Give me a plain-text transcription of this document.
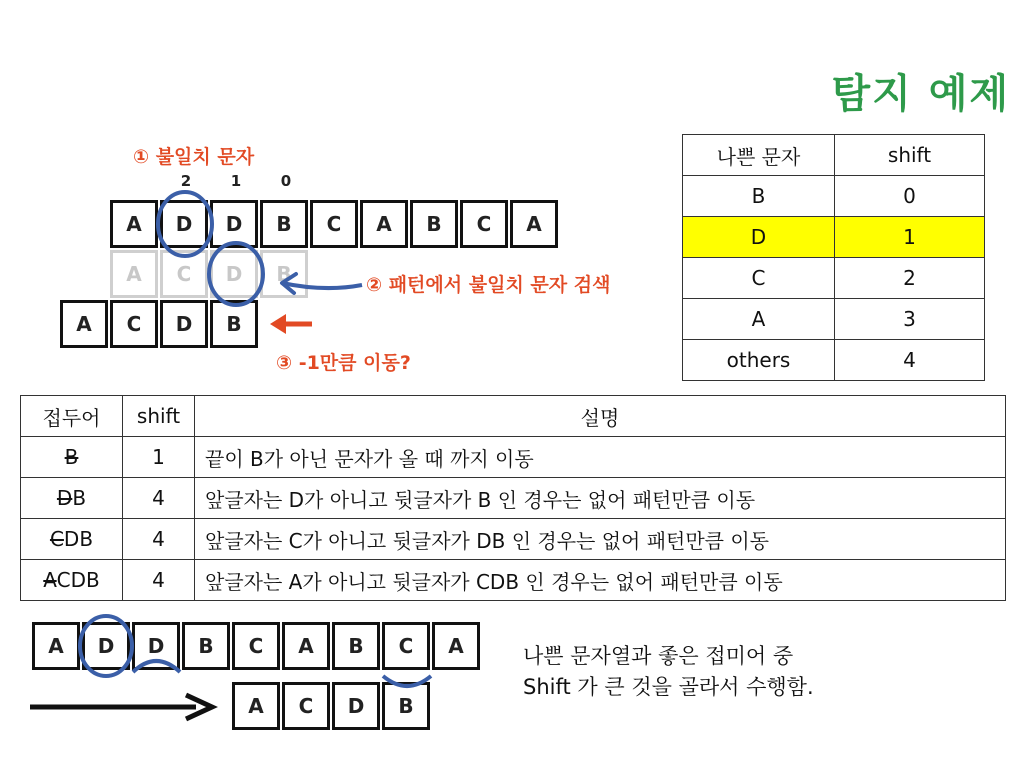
탐지 예제
① 불일치 문자
2	1	0
A	D	D	B	C	A	B	C	A
A	C	D	B	② 패턴에서 불일치 문자 검색
A	C	D	B
③ -1만큼 이동?
나쁜 문자	shift
B	0
D	1
C	2
A	3
others	4
접두어	shift	설명
B	1	끝이 B가 아닌 문자가 올 때 까지 이동
DB	4	앞글자는 D가 아니고 뒷글자가 B 인 경우는 없어 패턴만큼 이동
CDB	4	앞글자는 C가 아니고 뒷글자가 DB 인 경우는 없어 패턴만큼 이동
ACDB	4	앞글자는 A가 아니고 뒷글자가 CDB 인 경우는 없어 패턴만큼 이동
A	D	D	B	C	A	B	C	A
A	C	D	B
나쁜 문자열과 좋은 접미어 중
Shift 가 큰 것을 골라서 수행함.
